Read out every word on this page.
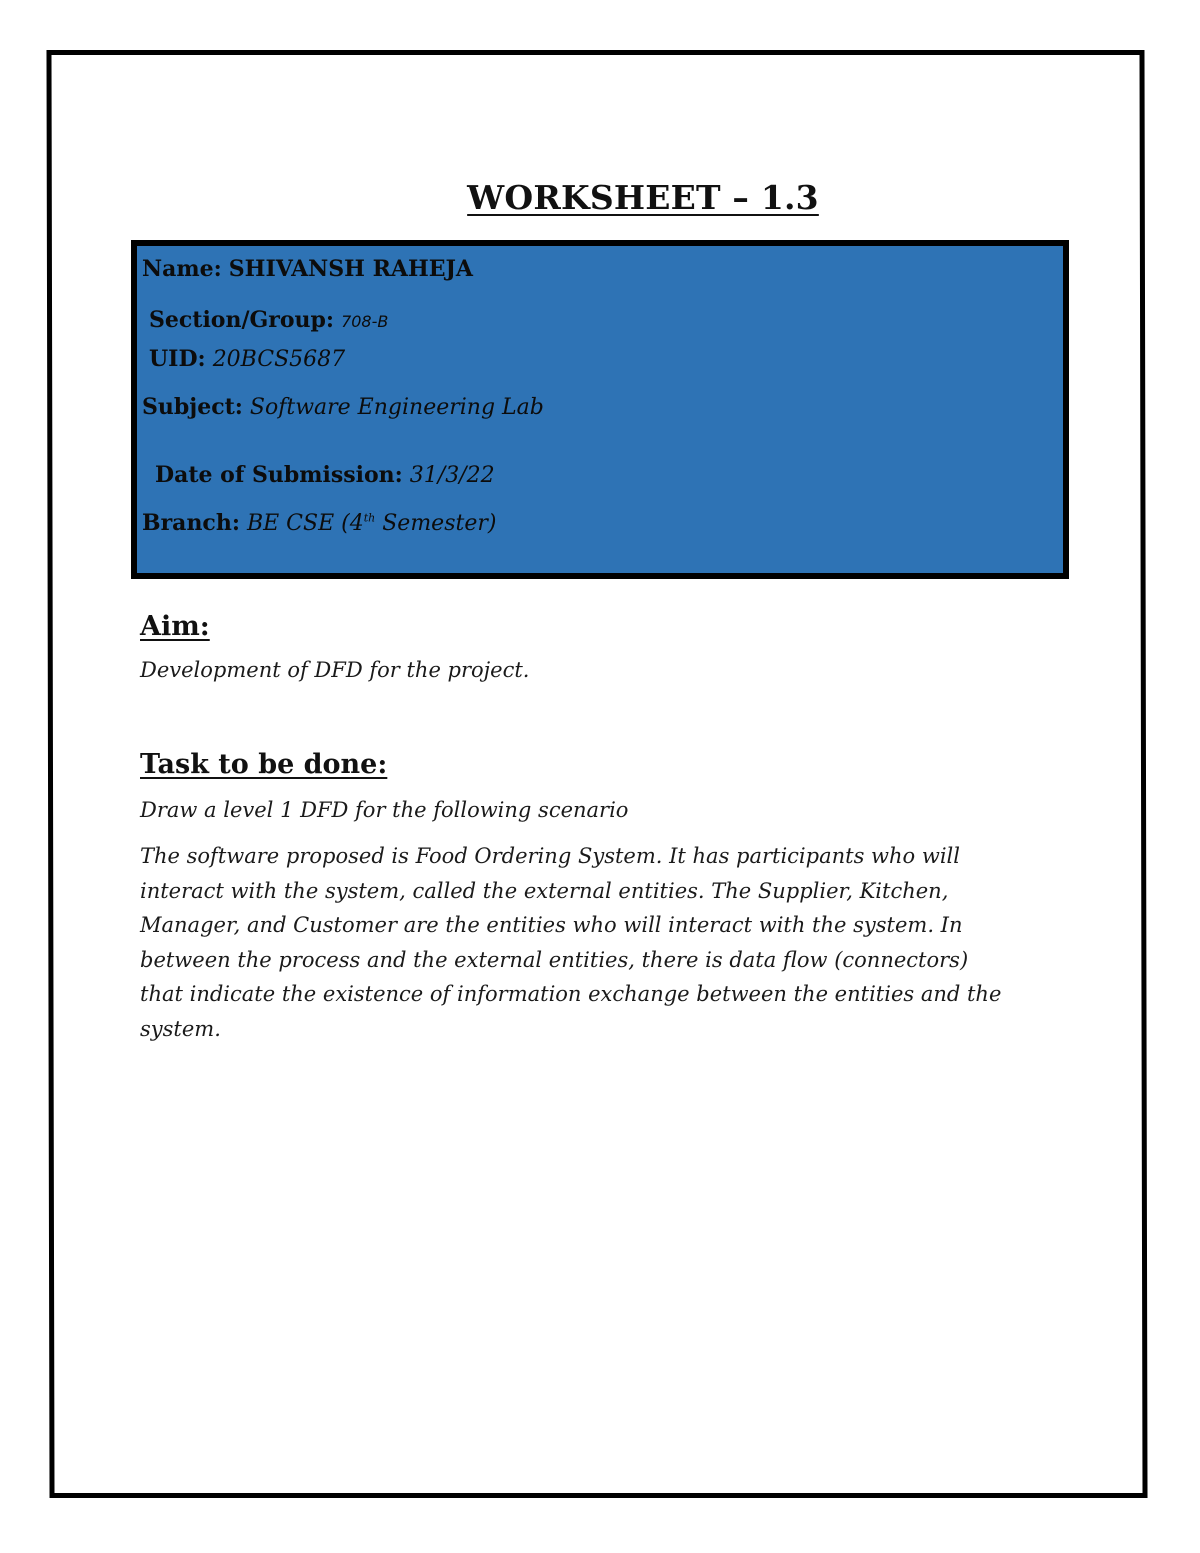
WORKSHEET – 1.3
Name: SHIVANSH RAHEJA
Section/Group: 708-B
UID: 20BCS5687
Subject: Software Engineering Lab
Date of Submission: 31/3/22
Branch: BE CSE (4th Semester)
Aim:
Development of DFD for the project.
Task to be done:
Draw a level 1 DFD for the following scenario
The software proposed is Food Ordering System. It has participants who will
interact with the system, called the external entities. The Supplier, Kitchen,
Manager, and Customer are the entities who will interact with the system. In
between the process and the external entities, there is data flow (connectors)
that indicate the existence of information exchange between the entities and the
system.
